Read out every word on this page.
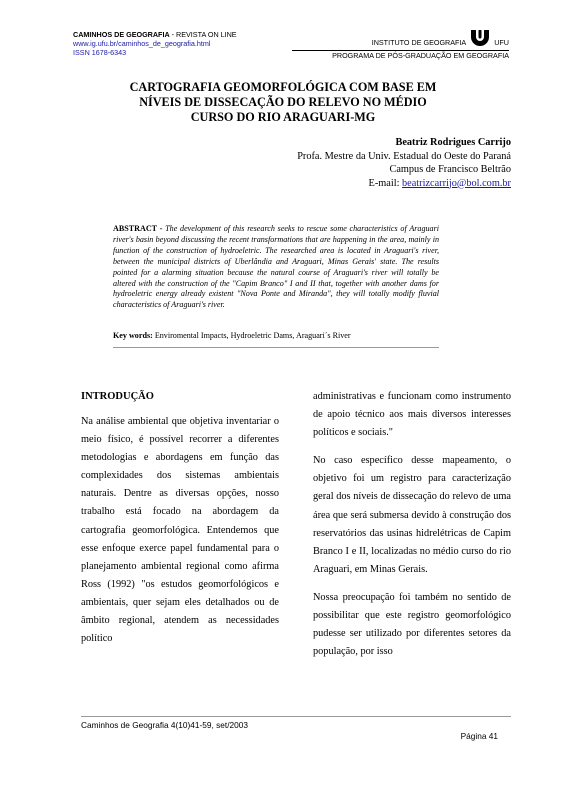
CAMINHOS DE GEOGRAFIA - REVISTA ON LINE
www.ig.ufu.br/caminhos_de_geografia.html
ISSN 1678-6343
INSTITUTO DE GEOGRAFIA	UFU
PROGRAMA DE PÓS-GRADUAÇÃO EM GEOGRAFIA
CARTOGRAFIA GEOMORFOLÓGICA COM BASE EM
NÍVEIS DE DISSECAÇÃO DO RELEVO NO MÉDIO
CURSO DO RIO ARAGUARI-MG
Beatriz Rodrigues Carrijo
Profa. Mestre da Univ. Estadual do Oeste do Paraná
Campus de Francisco Beltrão
E-mail: beatrizcarrijo@bol.com.br
ABSTRACT - The development of this research seeks to rescue some characteristics of Araguari river's basin beyond discussing the recent transformations that are happening in the area, mainly in function of the construction of hydroeletric. The researched area is located in Araguari's river, between the municipal districts of Uberlândia and Araguari, Minas Gerais' state. The results pointed for a alarming situation because the natural course of Araguari's river will totally be altered with the construction of the "Capim Branco" I and II that, together with another dams for hydroeletric energy already existent "Nova Ponte and Miranda", they will totally modify fluvial characteristics of Araguari's river.
Key words: Enviromental Impacts, Hydroeletric Dams, Araguari´s River
INTRODUÇÃO

Na análise ambiental que objetiva inventariar o meio físico, é possível recorrer a diferentes metodologias e abordagens em função das complexidades dos sistemas ambientais naturais. Dentre as diversas opções, nosso trabalho está focado na abordagem da cartografia geomorfológica. Entendemos que esse enfoque exerce papel fundamental para o planejamento ambiental regional como afirma Ross (1992) "os estudos geomorfológicos e ambientais, quer sejam eles detalhados ou de âmbito regional, atendem as necessidades político

administrativas e funcionam como instrumento de apoio técnico aos mais diversos interesses políticos e sociais."

No caso específico desse mapeamento, o objetivo foi um registro para caracterização geral dos níveis de dissecação do relevo de uma área que será submersa devido à construção dos reservatórios das usinas hidrelétricas de Capim Branco I e II, localizadas no médio curso do rio Araguari, em Minas Gerais.

Nossa preocupação foi também no sentido de possibilitar que este registro geomorfológico pudesse ser utilizado por diferentes setores da população, por isso

Caminhos de Geografia 4(10)41-59, set/2003
Página 41
